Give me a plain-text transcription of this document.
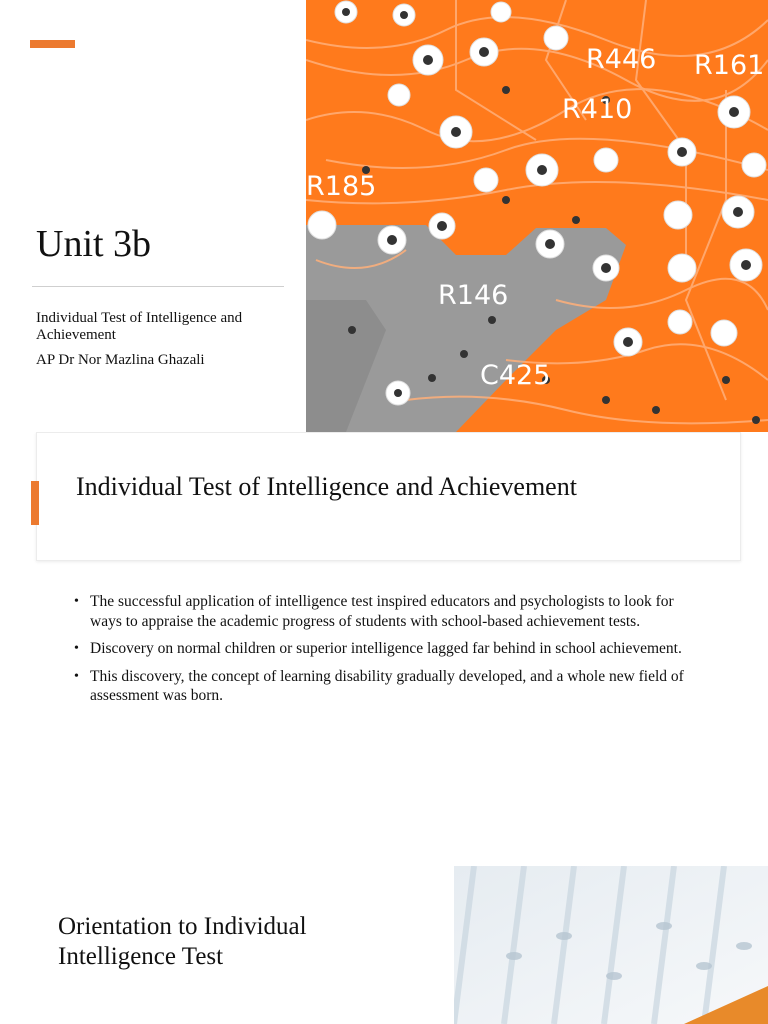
Unit 3b
Individual Test of Intelligence and Achievement
AP Dr Nor Mazlina Ghazali
R446 R161
R410
R185
R146
C425
Individual Test of Intelligence and Achievement
• The successful application of intelligence test inspired educators and psychologists to look for ways to appraise the academic progress of students with school-based achievement tests.
• Discovery on normal children or superior intelligence lagged far behind in school achievement.
• This discovery, the concept of learning disability gradually developed, and a whole new field of assessment was born.
Orientation to Individual Intelligence Test
